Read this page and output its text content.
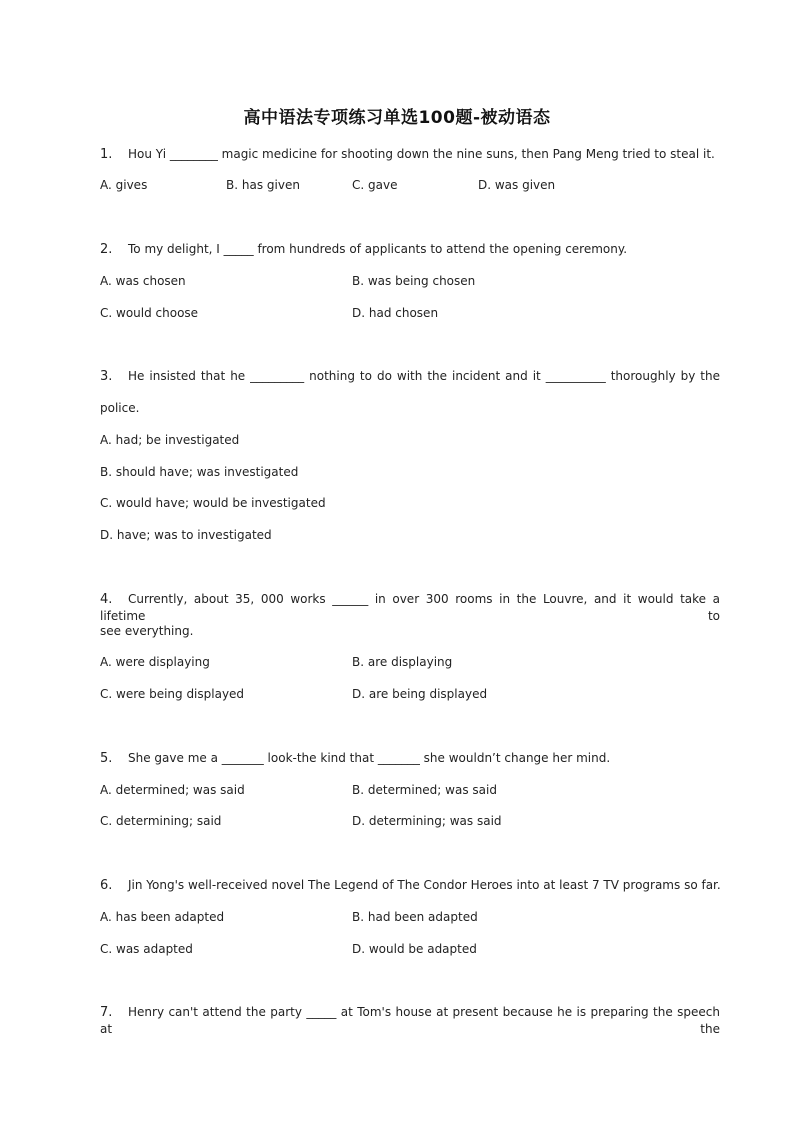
高中语法专项练习单选100题-被动语态
1. Hou Yi ________ magic medicine for shooting down the nine suns, then Pang Meng tried to steal it.
A. gives	B. has given	C. gave	D. was given
2. To my delight, I _____ from hundreds of applicants to attend the opening ceremony.
A. was chosen	B. was being chosen
C. would choose	D. had chosen
3. He insisted that he _________ nothing to do with the incident and it __________ thoroughly by the
police.
A. had; be investigated
B. should have; was investigated
C. would have; would be investigated
D. have; was to investigated
4. Currently, about 35, 000 works ______ in over 300 rooms in the Louvre, and it would take a lifetime to
see everything.
A. were displaying	B. are displaying
C. were being displayed	D. are being displayed
5. She gave me a _______ look-the kind that _______ she wouldn’t change her mind.
A. determined; was said	B. determined; was said
C. determining; said	D. determining; was said
6. Jin Yong's well-received novel The Legend of The Condor Heroes into at least 7 TV programs so far.
A. has been adapted	B. had been adapted
C. was adapted	D. would be adapted
7. Henry can't attend the party _____ at Tom's house at present because he is preparing the speech at the
